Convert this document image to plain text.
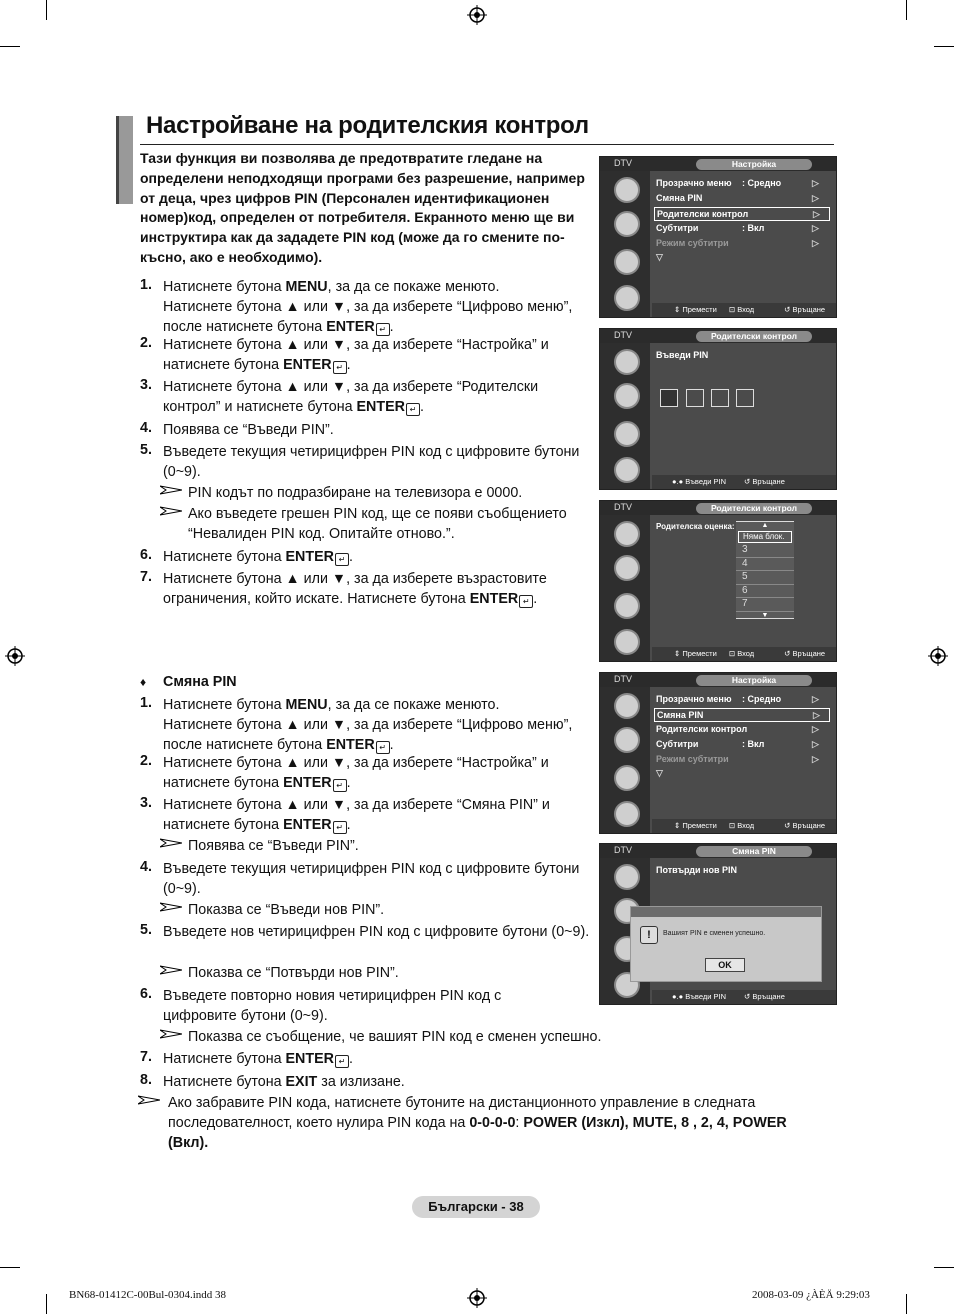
Настройване на родителския контрол
Тази функция ви позволява де предотвратите гледане на определени неподходящи програми без разрешение, например от деца, чрез цифров PIN (Персонален идентификационен номер)код, определен от потребителя. Екранното меню ще ви инструктира как да зададете PIN код (може да го смените по-късно, ако е необходимо).
1. Натиснете бутона MENU, за да се покаже менюто.
Натиснете бутона ▲ или ▼, за да изберете “Цифрово меню”, после натиснете бутона ENTER ↵ .
2. Натиснете бутона ▲ или ▼, за да изберете “Настройка” и натиснете бутона ENTER ↵ .
3. Натиснете бутона ▲ или ▼, за да изберете “Родителски контрол” и натиснете бутона ENTER ↵ .
4. Появява се “Въведи PIN”.
5. Въведете текущия четирицифрен PIN код с цифровите бутони (0~9).
PIN кодът по подразбиране на телевизора е 0000.
Ако въведете грешен PIN код, ще се появи съобщението “Невалиден PIN код. Опитайте отново.”.
6. Натиснете бутона ENTER ↵ .
7. Натиснете бутона ▲ или ▼, за да изберете възрастовите ограничения, който искате. Натиснете бутона ENTER ↵ .
♦ Смяна PIN
1. Натиснете бутона MENU, за да се покаже менюто.
Натиснете бутона ▲ или ▼, за да изберете “Цифрово меню”, после натиснете бутона ENTER ↵ .
2. Натиснете бутона ▲ или ▼, за да изберете “Настройка” и натиснете бутона ENTER ↵ .
3. Натиснете бутона ▲ или ▼, за да изберете “Смяна PIN” и натиснете бутона ENTER ↵ .
Появява се “Въведи PIN”.
4. Въведете текущия четирицифрен PIN код с цифровите бутони (0~9).
Показва се “Въведи нов PIN”.
5. Въведете нов четирицифрен PIN код с цифровите бутони (0~9).
Показва се “Потвърди нов PIN”.
6. Въведете повторно новия четирицифрен PIN код с цифровите бутони (0~9).
Показва се съобщение, че вашият PIN код е сменен успешно.
7. Натиснете бутона ENTER ↵ .
8. Натиснете бутона EXIT за излизане.
Ако забравите PIN кода, натиснете бутоните на дистанционното управление в следната последователност, което нулира PIN кода на 0-0-0-0: POWER (Изкл), MUTE, 8 , 2, 4, POWER (Вкл).
DTV	Настройка
Прозрачно меню : Средно	▷
Смяна PIN	▷
Родителски контрол	▷
Субтитри	: Вкл	▷
Режим субтитри	▷
▽
⇕ Премести ⊡ Вход	↺ Връщане
DTV	Родителски контрол
Въведи PIN
●.● Въведи PIN ↺ Връщане
DTV	Родителски контрол
Родителска оценка:	▲
Няма блок.
3
4
5
6
7
▼
⇕ Премести ⊡ Вход	↺ Връщане
DTV	Настройка
Прозрачно меню : Средно	▷
Смяна PIN	▷
Родителски контрол	▷
Субтитри	: Вкл	▷
Режим субтитри	▷
▽
⇕ Премести ⊡ Вход	↺ Връщане
DTV	Смяна PIN
Потвърди нов PIN
!	Вашият PIN е сменен успешно.
OK
●.● Въведи PIN ↺ Връщане
Български - 38
BN68-01412C-00Bul-0304.indd 38	2008-03-09 ¿ÀÈÄ 9:29:03
